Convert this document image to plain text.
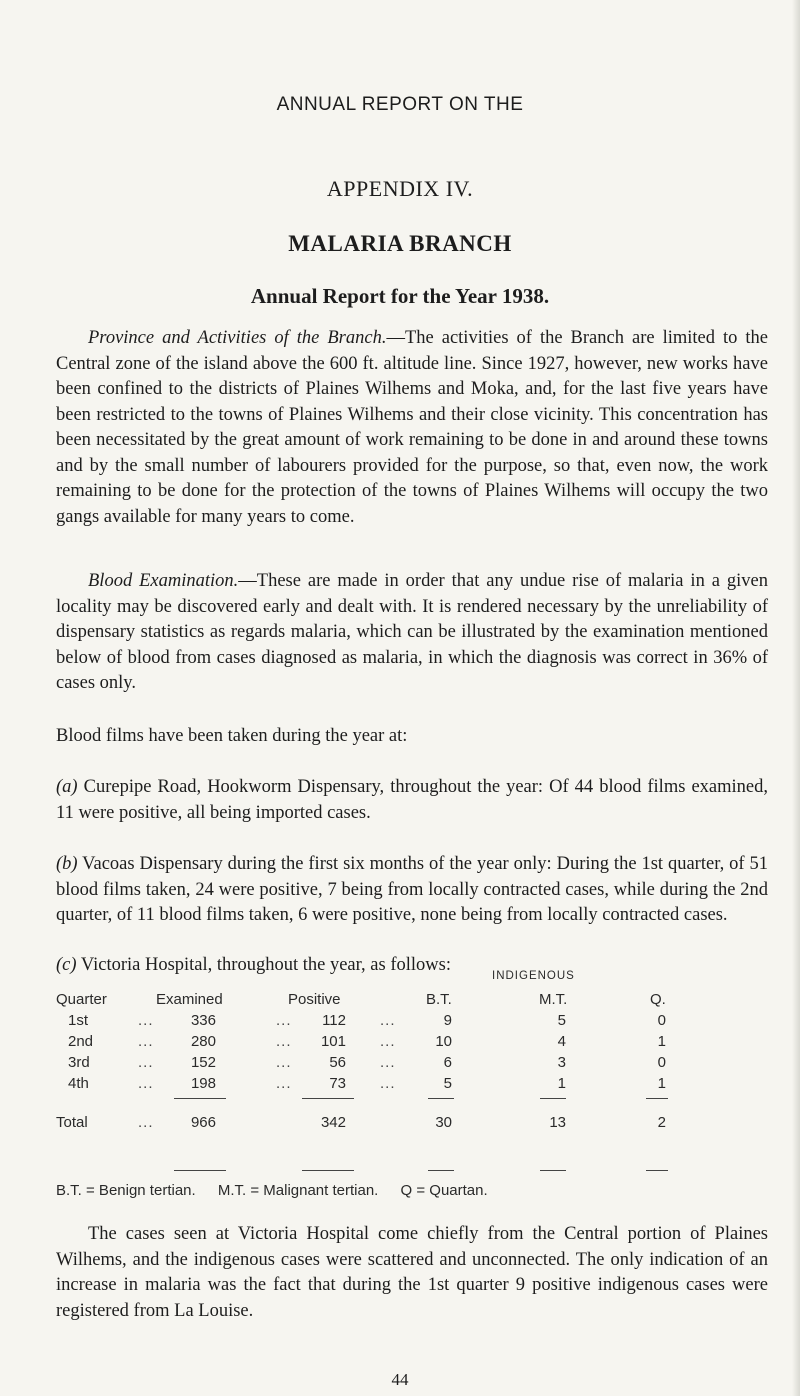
ANNUAL REPORT ON THE
APPENDIX IV.
MALARIA BRANCH
Annual Report for the Year 1938.

Province and Activities of the Branch.—The activities of the Branch are limited to the Central zone of the island above the 600 ft. altitude line. Since 1927, however, new works have been confined to the districts of Plaines Wilhems and Moka, and, for the last five years have been restricted to the towns of Plaines Wilhems and their close vicinity. This concentration has been necessitated by the great amount of work remaining to be done in and around these towns and by the small number of labourers provided for the purpose, so that, even now, the work remaining to be done for the protection of the towns of Plaines Wilhems will occupy the two gangs available for many years to come.

Blood Examination.—These are made in order that any undue rise of malaria in a given locality may be discovered early and dealt with. It is rendered necessary by the unreliability of dispensary statistics as regards malaria, which can be illustrated by the examination mentioned below of blood from cases diagnosed as malaria, in which the diagnosis was correct in 36% of cases only.

Blood films have been taken during the year at:

(a) Curepipe Road, Hookworm Dispensary, throughout the year: Of 44 blood films examined, 11 were positive, all being imported cases.

(b) Vacoas Dispensary during the first six months of the year only: During the 1st quarter, of 51 blood films taken, 24 were positive, 7 being from locally contracted cases, while during the 2nd quarter, of 11 blood films taken, 6 were positive, none being from locally contracted cases.

(c) Victoria Hospital, throughout the year, as follows:

INDIGENOUS
Quarter	Examined	Positive	B.T.	M.T.	Q.
1st	...	336	...	112 ...	9	5	0
2nd	...	280	...	101 ...	10	4	1
3rd	...	152	...	56 ...	6	3	0
4th	...	198	...	73 ...	5	1	1
Total	...	966	342	30	13	2
B.T. = Benign tertian. M.T. = Malignant tertian. Q = Quartan.

The cases seen at Victoria Hospital come chiefly from the Central portion of Plaines Wilhems, and the indigenous cases were scattered and unconnected. The only indication of an increase in malaria was the fact that during the 1st quarter 9 positive indigenous cases were registered from La Louise.

44
